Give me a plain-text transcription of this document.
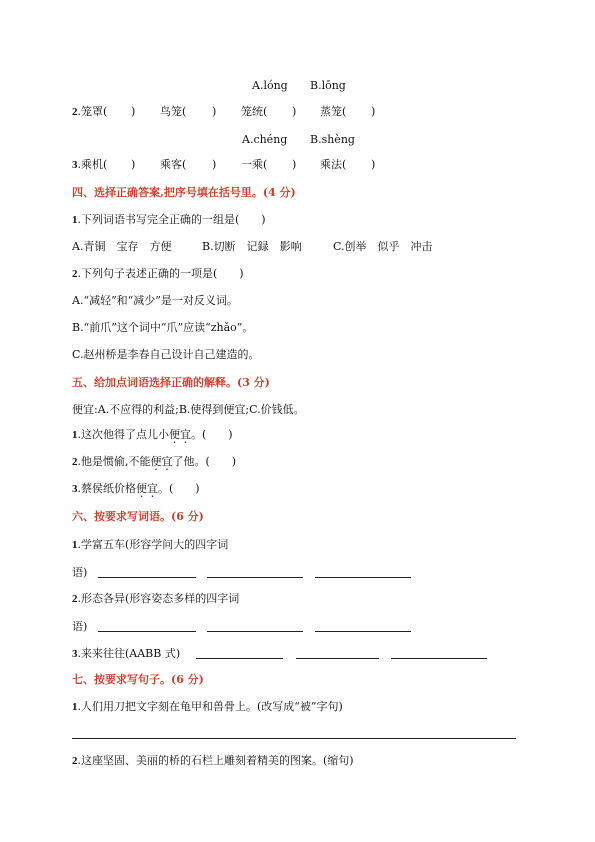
A.lóng B.lōng
2.笼罩( ) 鸟笼( ) 笼统( ) 蒸笼( )
A.chéng B.shèng
3.乘机( ) 乘客( ) 一乘( ) 乘法( )
四、选择正确答案,把序号填在括号里。(4 分)
1.下列词语书写完全正确的一组是(　　)
A.青铜　宝存　方便	B.切断　记録　影响	C.创举　似乎　冲击
2.下列句子表述正确的一项是(　　)
A.“减轻”和“减少”是一对反义词。
B.“前爪”这个词中“爪”应读“zhǎo”。
C.赵州桥是李春自己设计自己建造的。
五、给加点词语选择正确的解释。(3 分)
便宜:A.不应得的利益;B.使得到便宜;C.价钱低。
1.这次他得了点儿小便宜。(　　)
2.他是惯偷,不能便宜了他。(　　)
3.蔡侯纸价格便宜。(　　)
六、按要求写词语。(6 分)
1.学富五车(形容学问大的四字词
语)
2.形态各异(形容姿态多样的四字词
语)
3.来来往往(AABB 式)
七、按要求写句子。(6 分)
1.人们用刀把文字刻在龟甲和兽骨上。(改写成“被”字句)
2.这座坚固、美丽的桥的石栏上雕刻着精美的图案。(缩句)
